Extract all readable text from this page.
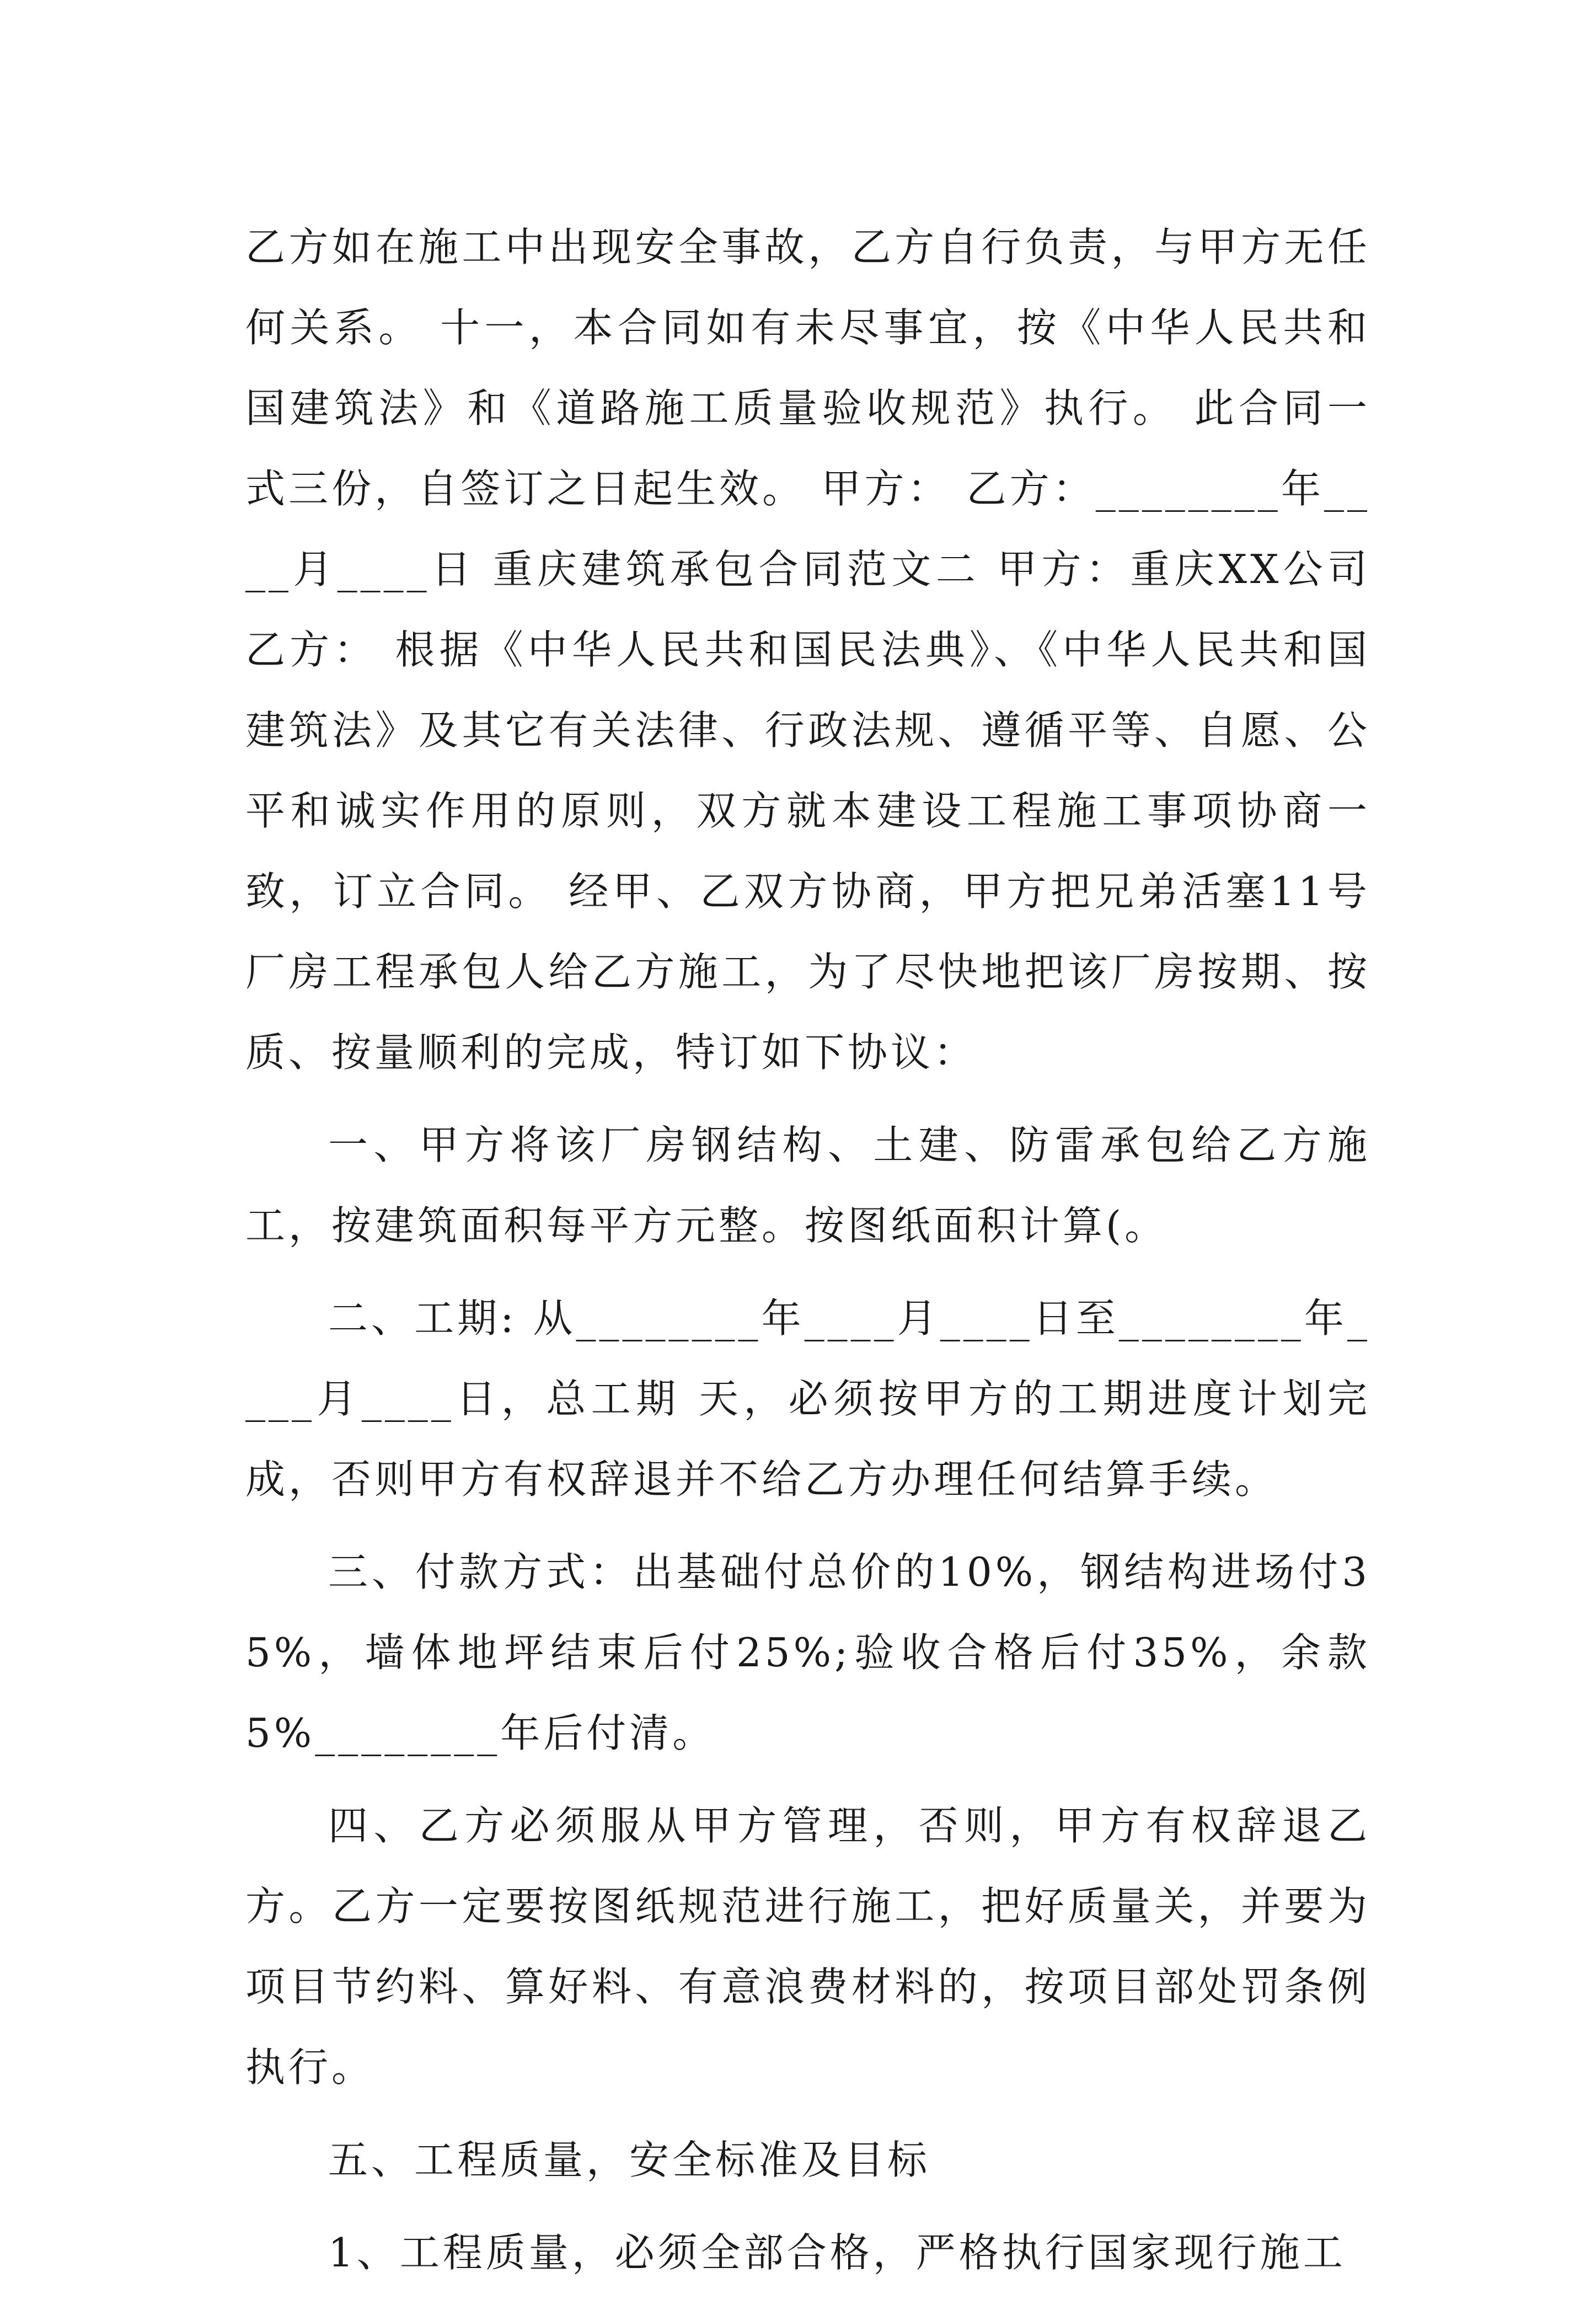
乙方如在施工中出现安全事故，乙方自行负责，与甲方无任何关系。 十一，本合同如有未尽事宜，按《中华人民共和国建筑法》和《道路施工质量验收规范》执行。 此合同一式三份，自签订之日起生效。 甲方： 乙方：________年____月____日 重庆建筑承包合同范文二 甲方：重庆XX公司 乙方： 根据《中华人民共和国民法典》、《中华人民共和国建筑法》及其它有关法律、行政法规、遵循平等、自愿、公平和诚实作用的原则，双方就本建设工程施工事项协商一致，订立合同。 经甲、乙双方协商，甲方把兄弟活塞11号厂房工程承包人给乙方施工，为了尽快地把该厂房按期、按质、按量顺利的完成，特订如下协议：

一、甲方将该厂房钢结构、土建、防雷承包给乙方施工，按建筑面积每平方元整。按图纸面积计算(。

二、工期: 从________年____月____日至________年____月____日，总工期 天，必须按甲方的工期进度计划完成，否则甲方有权辞退并不给乙方办理任何结算手续。

三、付款方式：出基础付总价的10%，钢结构进场付35%，墙体地坪结束后付25%;验收合格后付35%，余款5%________年后付清。

四、乙方必须服从甲方管理，否则，甲方有权辞退乙方。乙方一定要按图纸规范进行施工，把好质量关，并要为项目节约料、算好料、有意浪费材料的，按项目部处罚条例执行。

五、工程质量，安全标准及目标

1、工程质量，必须全部合格，严格执行国家现行施工
